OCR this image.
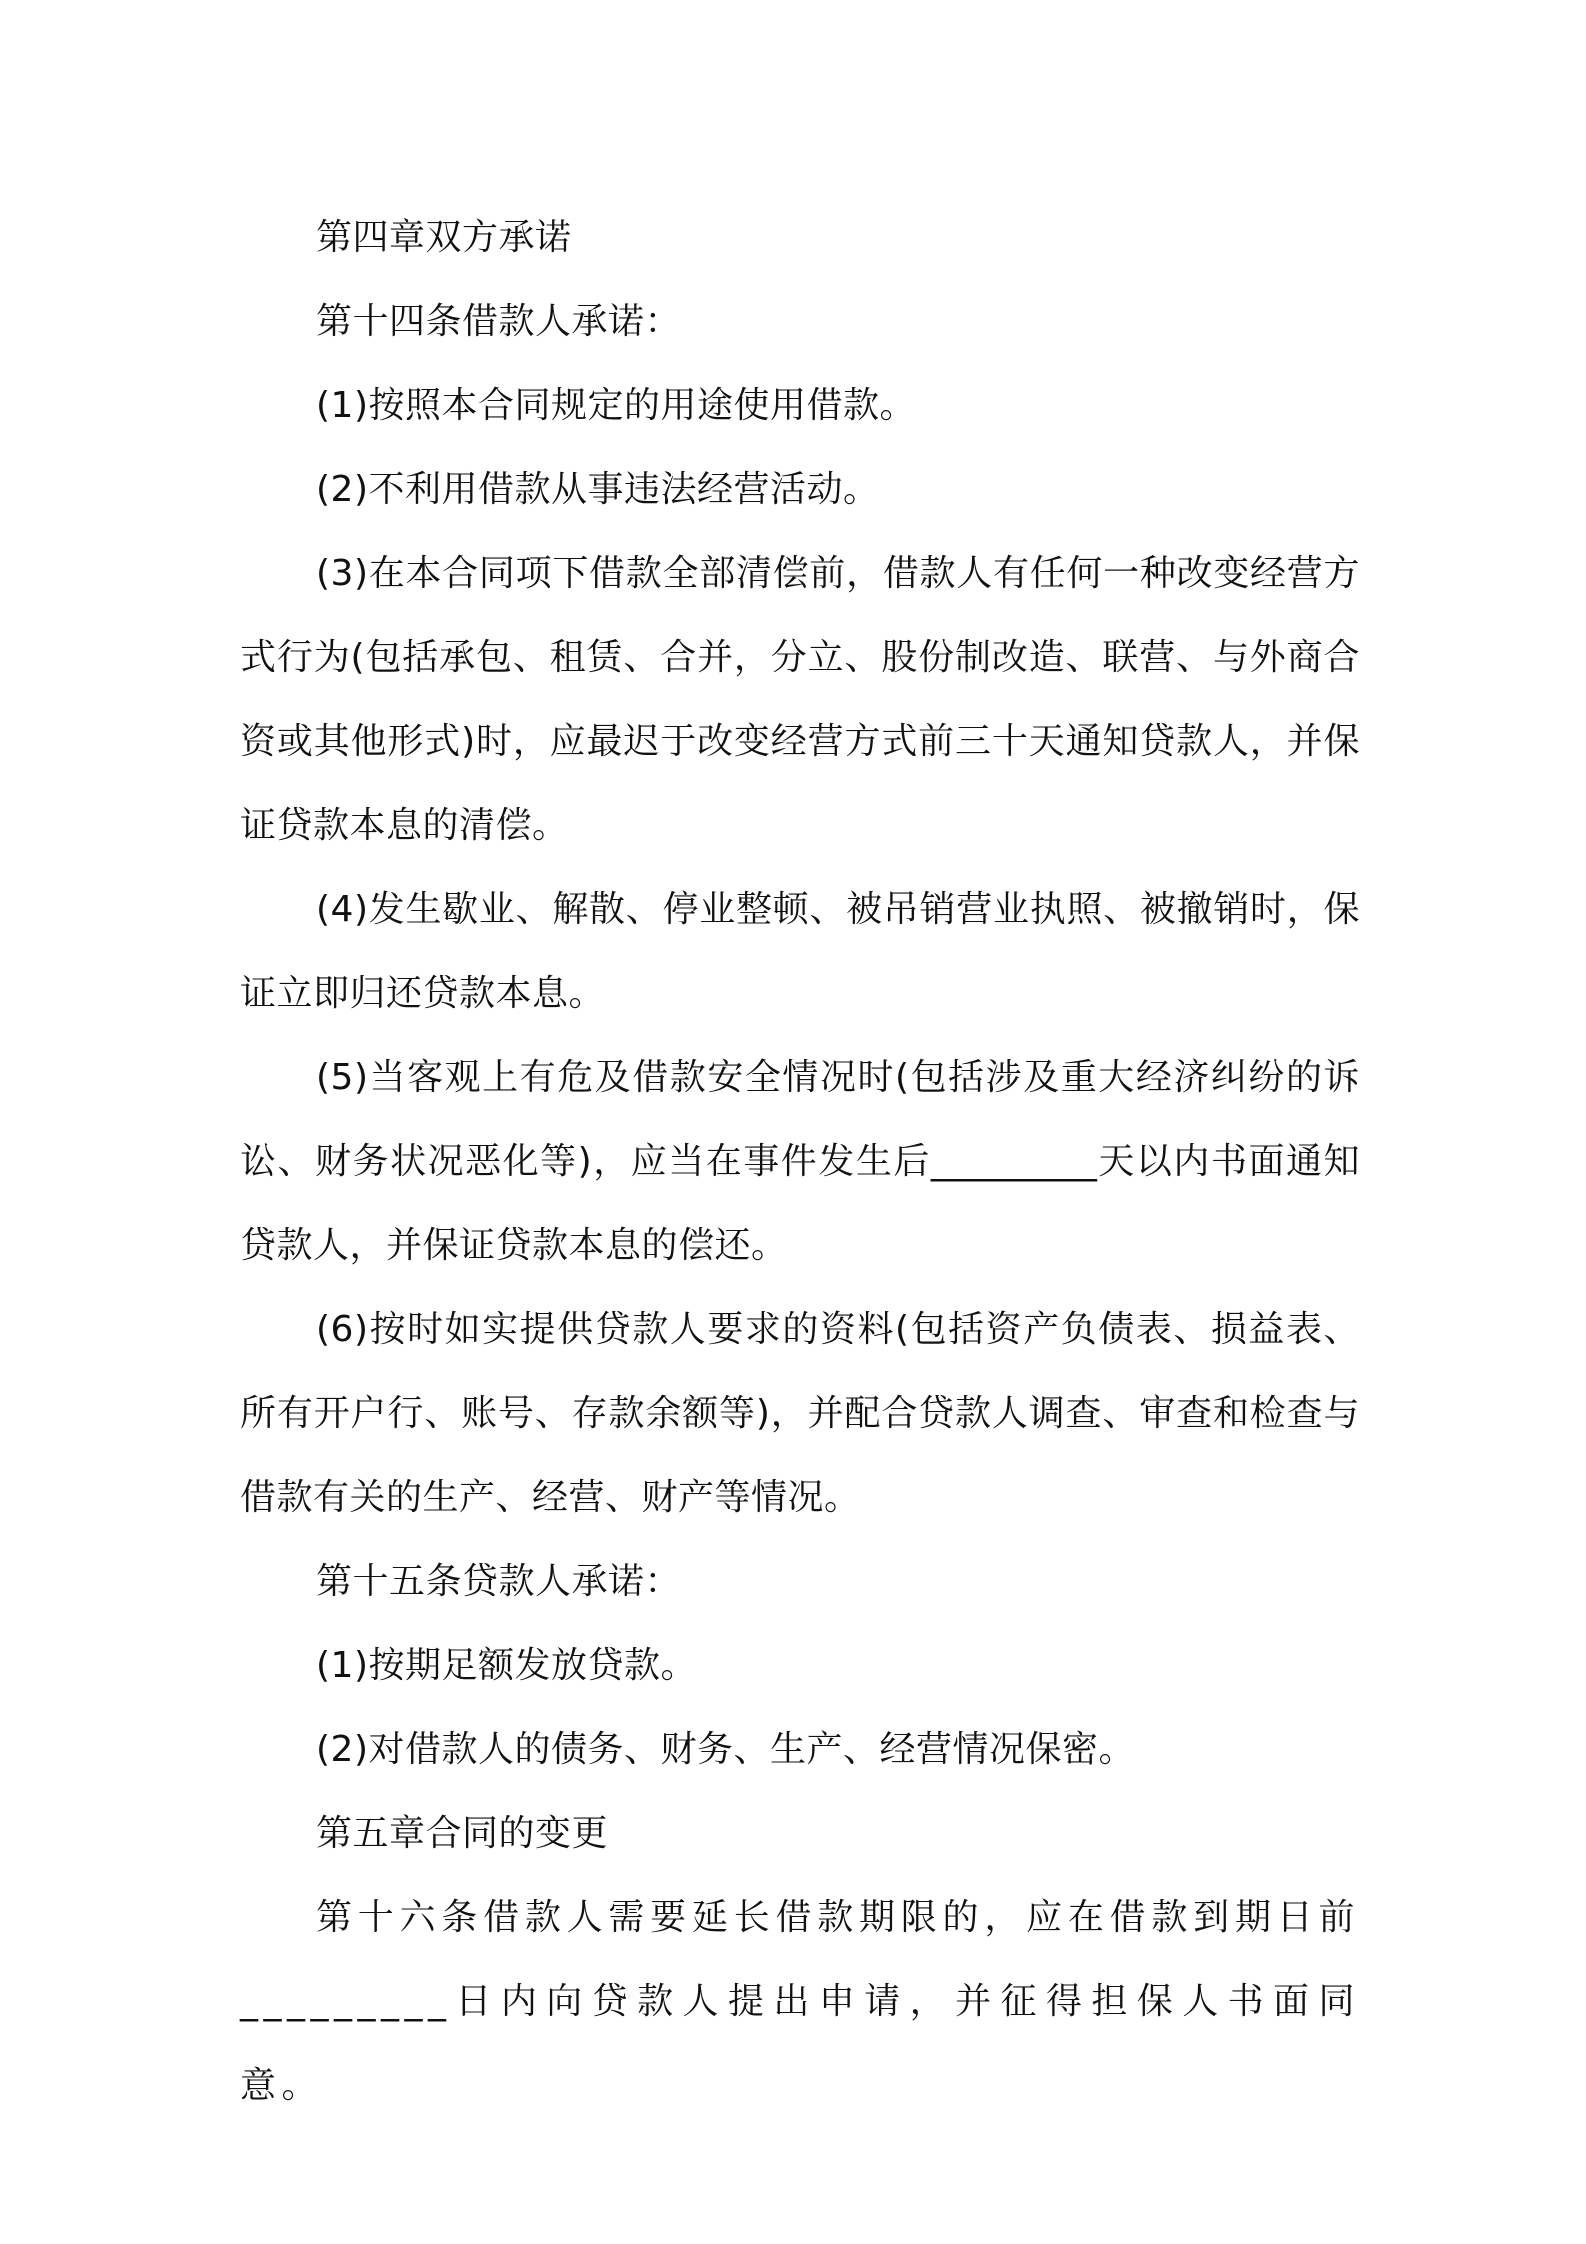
第四章双方承诺

第十四条借款人承诺：

(1)按照本合同规定的用途使用借款。

(2)不利用借款从事违法经营活动。

(3)在本合同项下借款全部清偿前，借款人有任何一种改变经营方式行为(包括承包、租赁、合并，分立、股份制改造、联营、与外商合资或其他形式)时，应最迟于改变经营方式前三十天通知贷款人，并保证贷款本息的清偿。

(4)发生歇业、解散、停业整顿、被吊销营业执照、被撤销时，保证立即归还贷款本息。

(5)当客观上有危及借款安全情况时(包括涉及重大经济纠纷的诉讼、财务状况恶化等)，应当在事件发生后_________天以内书面通知贷款人，并保证贷款本息的偿还。

(6)按时如实提供贷款人要求的资料(包括资产负债表、损益表、所有开户行、账号、存款余额等)，并配合贷款人调查、审查和检查与借款有关的生产、经营、财产等情况。

第十五条贷款人承诺：

(1)按期足额发放贷款。

(2)对借款人的债务、财务、生产、经营情况保密。

第五章合同的变更

第十六条借款人需要延长借款期限的，应在借款到期日前_________日内向贷款人提出申请，并征得担保人书面同意。
